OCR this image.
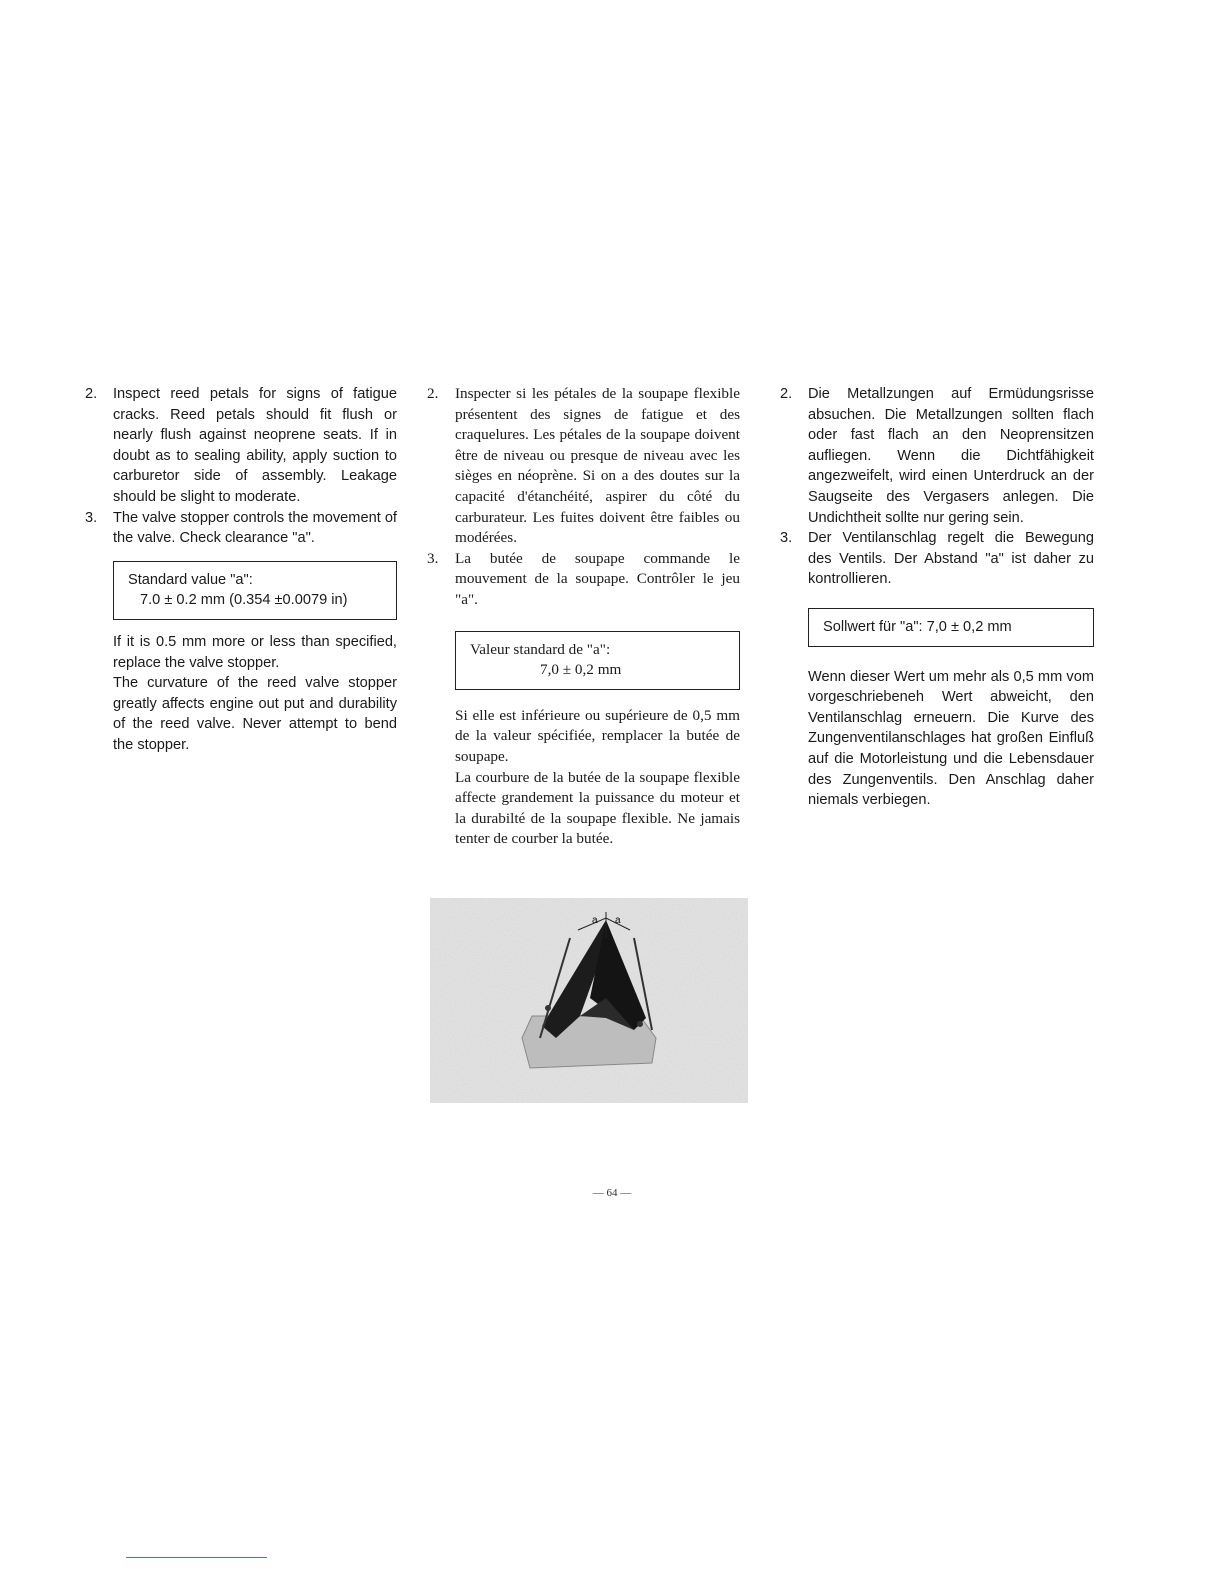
2.	Inspect reed petals for signs of fatigue cracks. Reed petals should fit flush or nearly flush against neoprene seats. If in doubt as to sealing ability, apply suction to carburetor side of assembly. Leakage should be slight to moderate.
3.	The valve stopper controls the movement of the valve. Check clearance "a".
Standard value "a":
7.0 ± 0.2 mm (0.354 ±0.0079 in)
If it is 0.5 mm more or less than specified, replace the valve stopper.
The curvature of the reed valve stopper greatly affects engine out put and durability of the reed valve. Never attempt to bend the stopper.
2.	Inspecter si les pétales de la soupape flexible présentent des signes de fatigue et des craquelures. Les pétales de la soupape doivent être de niveau ou presque de niveau avec les sièges en néoprène. Si on a des doutes sur la capacité d'étanchéité, aspirer du côté du carburateur. Les fuites doivent être faibles ou modérées.
3.	La butée de soupape commande le mouvement de la soupape. Contrôler le jeu "a".
Valeur standard de "a":
7,0 ± 0,2 mm
Si elle est inférieure ou supérieure de 0,5 mm de la valeur spécifiée, remplacer la butée de soupape.
La courbure de la butée de la soupape flexible affecte grandement la puissance du moteur et la durabilté de la soupape flexible. Ne jamais tenter de courber la butée.
2.	Die Metallzungen auf Ermüdungsrisse absuchen. Die Metallzungen sollten flach oder fast flach an den Neoprensitzen aufliegen. Wenn die Dichtfähigkeit angezweifelt, wird einen Unterdruck an der Saugseite des Vergasers anlegen. Die Undichtheit sollte nur gering sein.
3.	Der Ventilanschlag regelt die Bewegung des Ventils. Der Abstand "a" ist daher zu kontrollieren.
Sollwert für "a": 7,0 ± 0,2 mm
Wenn dieser Wert um mehr als 0,5 mm vom vorgeschriebeneh Wert abweicht, den Ventilanschlag erneuern. Die Kurve des Zungenventilanschlages hat großen Einfluß auf die Motorleistung und die Lebensdauer des Zungenventils. Den Anschlag daher niemals verbiegen.
a a
— 64 —
